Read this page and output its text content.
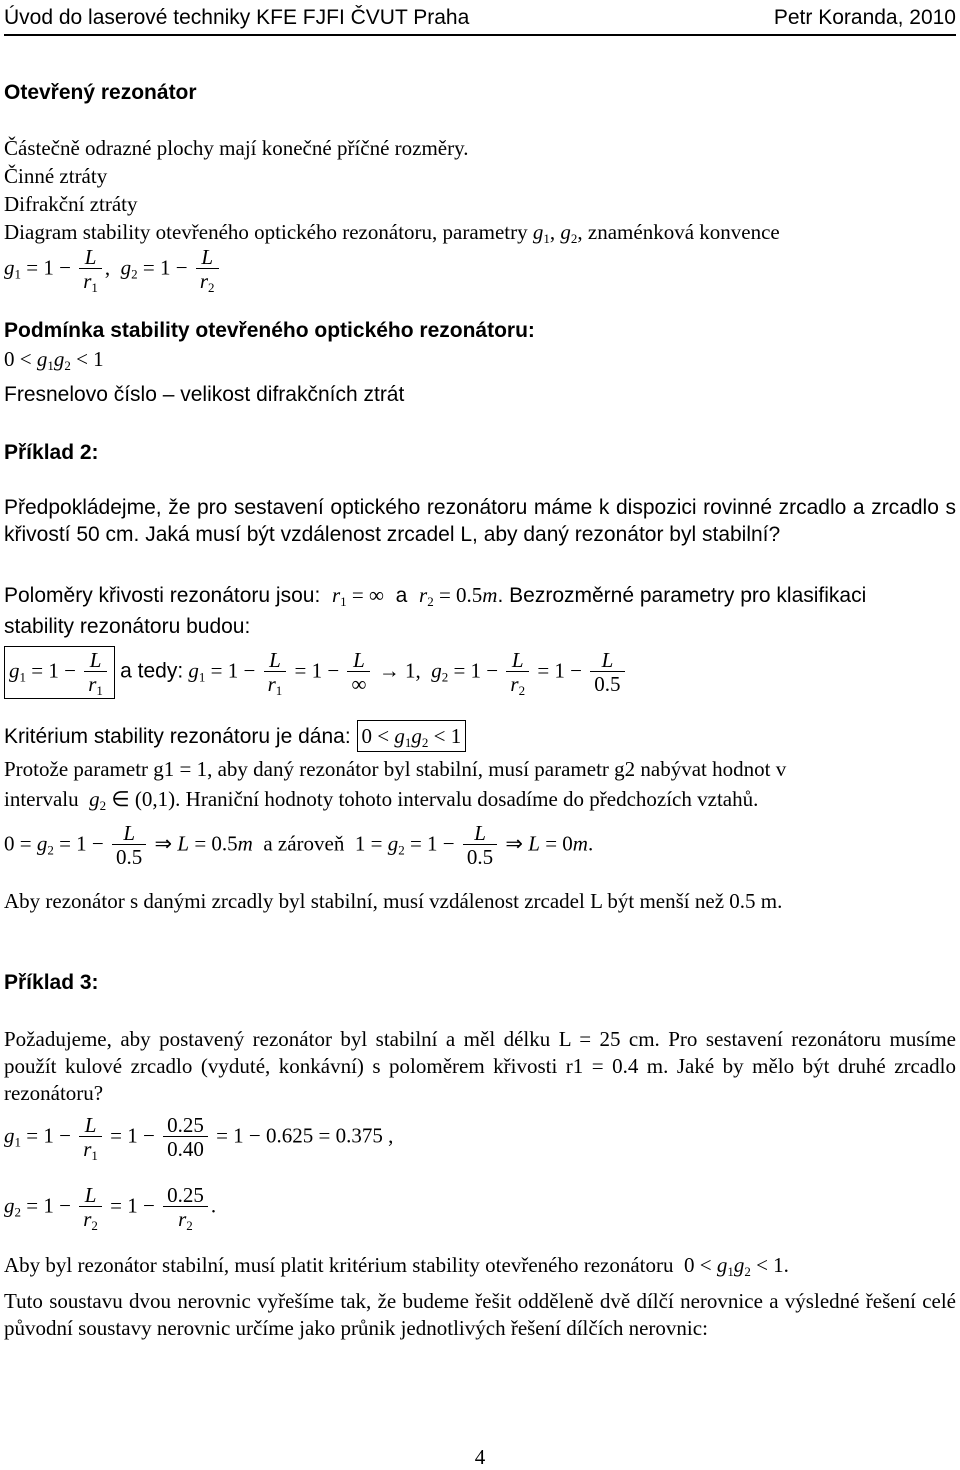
Úvod do laserové techniky KFE FJFI ČVUT Praha	Petr Koranda, 2010
Otevřený rezonátor
Částečně odrazné plochy mají konečné příčné rozměry.
Činné ztráty
Difrakční ztráty
Diagram stability otevřeného optického rezonátoru, parametry $g_1$, $g_2$, znaménková konvence
$g_1 = 1 - \frac{L}{r_1}$ ,  $g_2 = 1 - \frac{L}{r_2}$
Podmínka stability otevřeného optického rezonátoru:
$0 < g_1g_2 < 1$
Fresnelovo číslo – velikost difrakčních ztrát
Příklad 2:
Předpokládejme, že pro sestavení optického rezonátoru máme k dispozici rovinné zrcadlo a zrcadlo s křivostí 50 cm. Jaká musí být vzdálenost zrcadel L, aby daný rezonátor byl stabilní?
Poloměry křivosti rezonátoru jsou: $r_1$ = ∞ a $r_2 = 0.5m$. Bezrozměrné parametry pro klasifikaci
stability rezonátoru budou:
$g_1 = 1 - \frac{L}{r_1}$ a tedy: $g_1 = 1 - \frac{L}{r_1} = 1 - \frac{L}{\infty} \to 1$,  $g_2 = 1 - \frac{L}{r_2} = 1 - \frac{L}{0.5}$
Kritérium stability rezonátoru je dána: $0 < g_1g_2 < 1$
Protože parametr g1 = 1, aby daný rezonátor byl stabilní, musí parametr g2 nabývat hodnot v
intervalu $g_2$ ∈ (0,1). Hraniční hodnoty tohoto intervalu dosadíme do předchozích vztahů.
$0 = g_2 = 1 - \frac{L}{0.5}$ ⇒ L = 0.5m a zároveň  $1 = g_2 = 1 - \frac{L}{0.5}$ ⇒ L = 0m.
Aby rezonátor s danými zrcadly byl stabilní, musí vzdálenost zrcadel L být menší než 0.5 m.
Příklad 3:
Požadujeme, aby postavený rezonátor byl stabilní a měl délku L = 25 cm. Pro sestavení rezonátoru musíme použít kulové zrcadlo (vyduté, konkávní) s poloměrem křivosti r1 = 0.4 m. Jaké by mělo být druhé zrcadlo rezonátoru?
$g_1 = 1 - \frac{L}{r_1} = 1 - \frac{0.25}{0.40} = 1 - 0.625 = 0.375$ ,
$g_2 = 1 - \frac{L}{r_2} = 1 - \frac{0.25}{r_2}$ .
Aby byl rezonátor stabilní, musí platit kritérium stability otevřeného rezonátoru  $0 < g_1g_2 < 1$.
Tuto soustavu dvou nerovnic vyřešíme tak, že budeme řešit odděleně dvě dílčí nerovnice a výsledné řešení celé původní soustavy nerovnic určíme jako průnik jednotlivých řešení dílčích nerovnic:
4
